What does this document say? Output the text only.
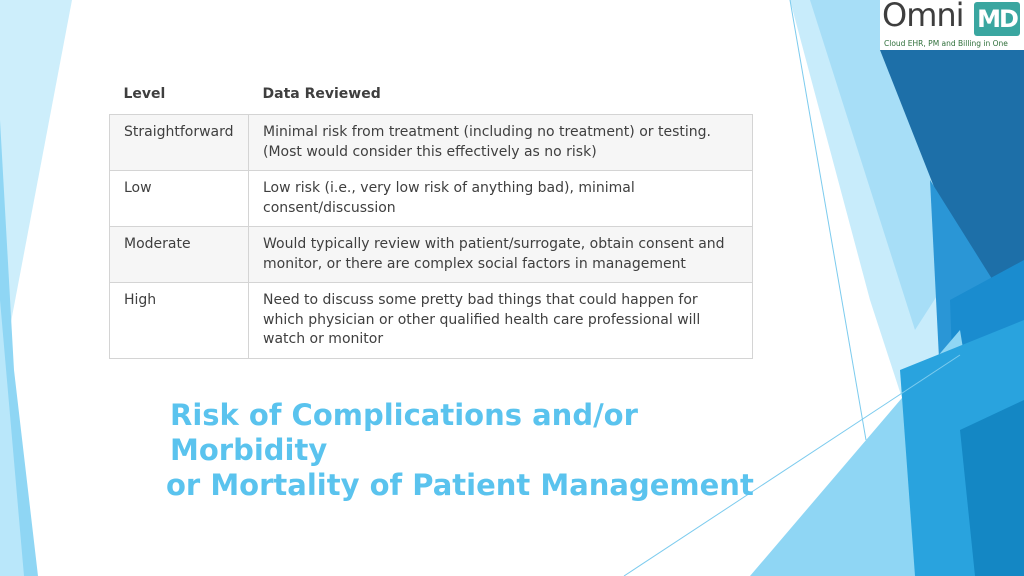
Omni MD
Cloud EHR, PM and Billing in One
Level	Data Reviewed
Straightforward	Minimal risk from treatment (including no treatment) or testing. (Most would consider this effectively as no risk)
Low	Low risk (i.e., very low risk of anything bad), minimal consent/discussion
Moderate	Would typically review with patient/surrogate, obtain consent and monitor, or there are complex social factors in management
High	Need to discuss some pretty bad things that could happen for which physician or other qualified health care professional will watch or monitor
Risk of Complications and/or Morbidity
or Mortality of Patient Management
